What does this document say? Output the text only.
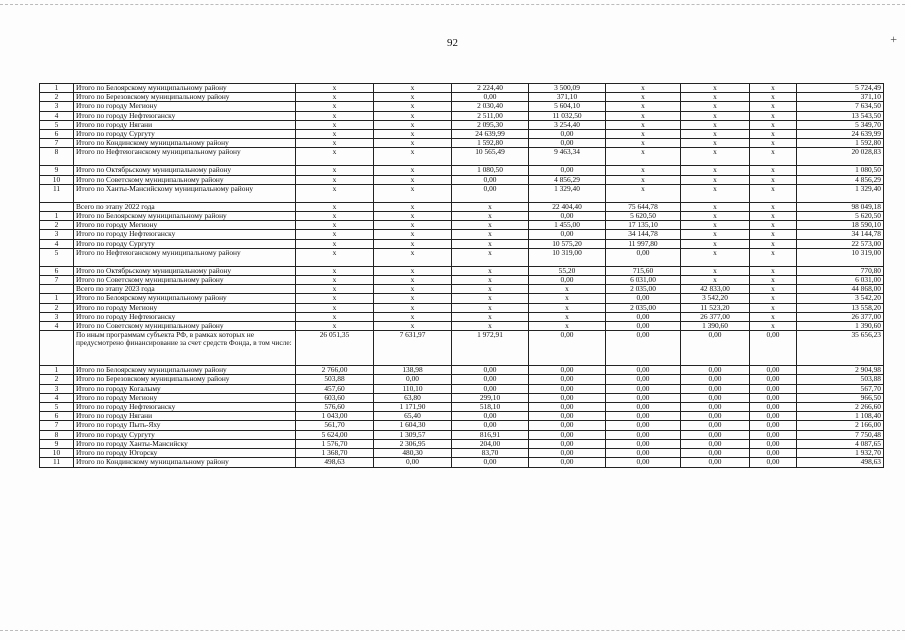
+
92
1	Итого по Белоярскому муниципальному району	х	х	2 224,40	3 500,09	х	х	х	5 724,49
2	Итого по Березовскому муниципальному району	х	х	0,00	371,10	х	х	х	371,10
3	Итого по городу Мегиону	х	х	2 030,40	5 604,10	х	х	х	7 634,50
4	Итого по городу Нефтеюганску	х	х	2 511,00	11 032,50	х	х	х	13 543,50
5	Итого по городу Нягани	х	х	2 095,30	3 254,40	х	х	х	5 349,70
6	Итого по городу Сургуту	х	х	24 639,99	0,00	х	х	х	24 639,99
7	Итого по Кондинскому муниципальному району	х	х	1 592,80	0,00	х	х	х	1 592,80
8	Итого по Нефтеюганскому муниципальному району	х	х	10 565,49	9 463,34	х	х	х	20 028,83
9	Итого по Октябрьскому муниципальному району	х	х	1 080,50	0,00	х	х	х	1 080,50
10	Итого по Советскому муниципальному району	х	х	0,00	4 856,29	х	х	х	4 856,29
11	Итого по Ханты-Мансийскому муниципальному району	х	х	0,00	1 329,40	х	х	х	1 329,40
	Всего по этапу 2022 года	х	х	х	22 404,40	75 644,78	х	х	98 049,18
1	Итого по Белоярскому муниципальному району	х	х	х	0,00	5 620,50	х	х	5 620,50
2	Итого по городу Мегиону	х	х	х	1 455,00	17 135,10	х	х	18 590,10
3	Итого по городу Нефтеюганску	х	х	х	0,00	34 144,78	х	х	34 144,78
4	Итого по городу Сургуту	х	х	х	10 575,20	11 997,80	х	х	22 573,00
5	Итого по Нефтеюганскому муниципальному району	х	х	х	10 319,00	0,00	х	х	10 319,00
6	Итого по Октябрьскому муниципальному району	х	х	х	55,20	715,60	х	х	770,80
7	Итого по Советскому муниципальному району	х	х	х	0,00	6 031,00	х	х	6 031,00
	Всего по этапу 2023 года	х	х	х	х	2 035,00	42 833,00	х	44 868,00
1	Итого по Белоярскому муниципальному району	х	х	х	х	0,00	3 542,20	х	3 542,20
2	Итого по городу Мегиону	х	х	х	х	2 035,00	11 523,20	х	13 558,20
3	Итого по городу Нефтеюганску	х	х	х	х	0,00	26 377,00	х	26 377,00
4	Итого по Советскому муниципальному району	х	х	х	х	0,00	1 390,60	х	1 390,60
	По иным программам субъекта РФ, в рамках которых не предусмотрено финансирование за счет средств Фонда, в том числе:	26 051,35	7 631,97	1 972,91	0,00	0,00	0,00	0,00	35 656,23
1	Итого по Белоярскому муниципальному району	2 766,00	138,98	0,00	0,00	0,00	0,00	0,00	2 904,98
2	Итого по Березовскому муниципальному району	503,88	0,00	0,00	0,00	0,00	0,00	0,00	503,88
3	Итого по городу Когалыму	457,60	110,10	0,00	0,00	0,00	0,00	0,00	567,70
4	Итого по городу Мегиону	603,60	63,80	299,10	0,00	0,00	0,00	0,00	966,50
5	Итого по городу Нефтеюганску	576,60	1 171,90	518,10	0,00	0,00	0,00	0,00	2 266,60
6	Итого по городу Нягани	1 043,00	65,40	0,00	0,00	0,00	0,00	0,00	1 108,40
7	Итого по городу Пыть-Яху	561,70	1 604,30	0,00	0,00	0,00	0,00	0,00	2 166,00
8	Итого по городу Сургуту	5 624,00	1 309,57	816,91	0,00	0,00	0,00	0,00	7 750,48
9	Итого по городу Ханты-Мансийску	1 576,70	2 306,95	204,00	0,00	0,00	0,00	0,00	4 087,65
10	Итого по городу Югорску	1 368,70	480,30	83,70	0,00	0,00	0,00	0,00	1 932,70
11	Итого по Кондинскому муниципальному району	498,63	0,00	0,00	0,00	0,00	0,00	0,00	498,63
